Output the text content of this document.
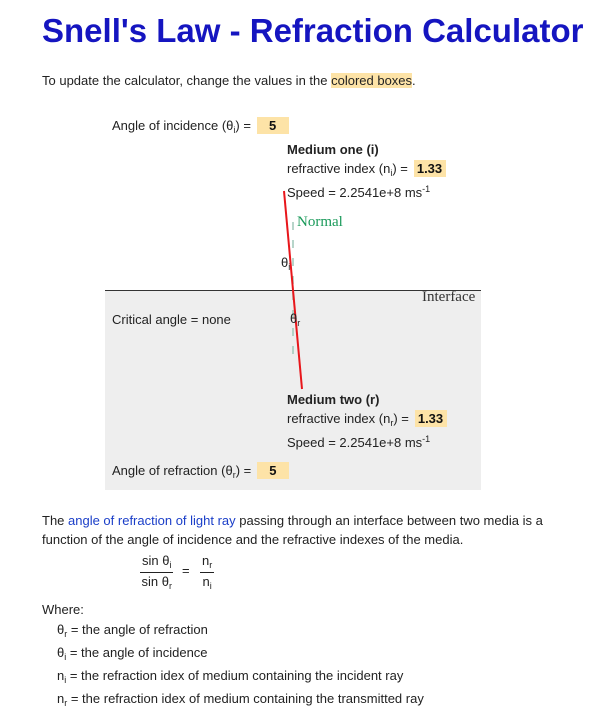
Snell's Law - Refraction Calculator
To update the calculator, change the values in the colored boxes.
Angle of incidence $(\theta_i) = 5$
Medium one (i)
refractive index $(n_i) = 1.33$
Speed = 2.2541e+8 $ms^{-1}$
Normal
$\theta_i$
Interface
Critical angle = none	$\theta_r$
Medium two (r)
refractive index $(n_r) = 1.33$
Speed = 2.2541e+8 $ms^{-1}$
Angle of refraction $(\theta_r) = 5$
The angle of refraction of light ray passing through an interface between two media is a
function of the angle of incidence and the refractive indexes of the media.
$\frac{\sin \theta_i}{\sin \theta_r} = \frac{n_r}{n_i}$
Where:
$\theta_r$ = the angle of refraction
$\theta_i$ = the angle of incidence
$n_i$ = the refraction idex of medium containing the incident ray
$n_r$ = the refraction idex of medium containing the transmitted ray
